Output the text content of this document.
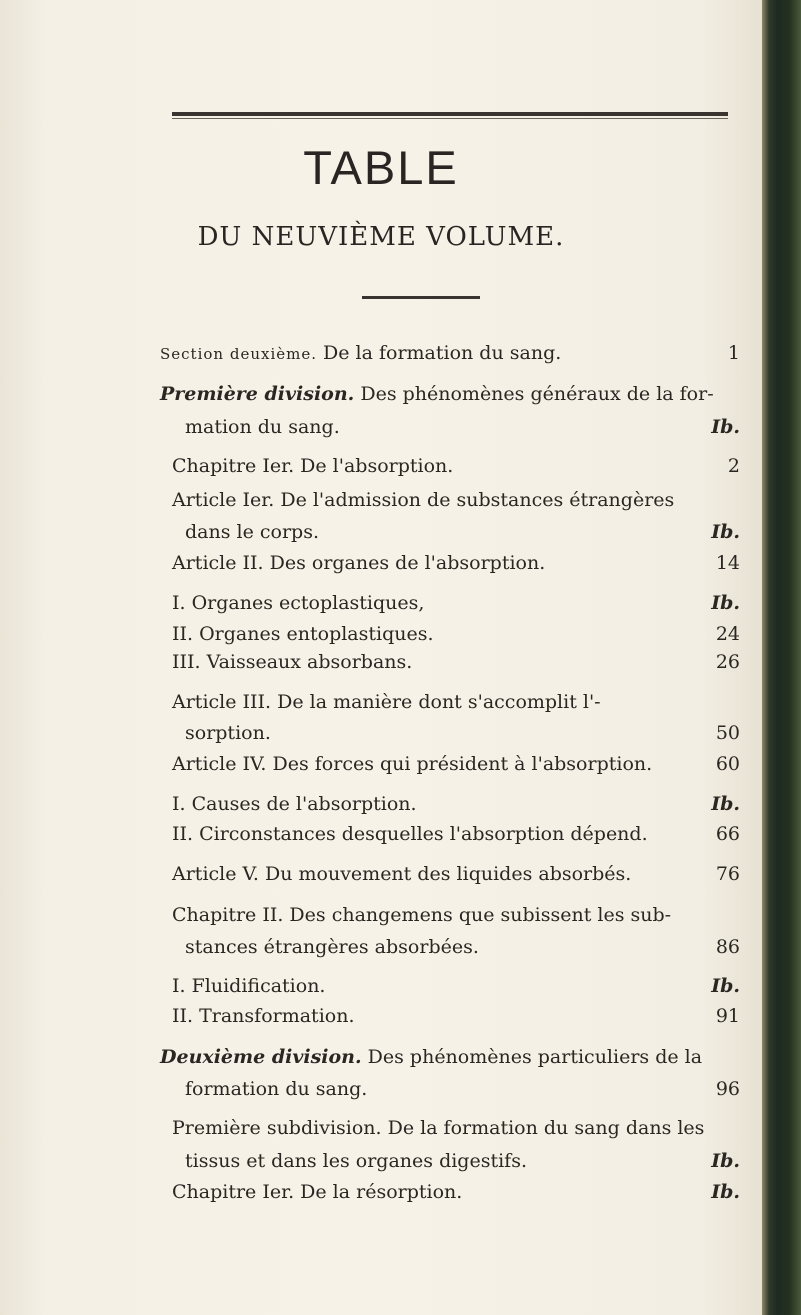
TABLE
DU NEUVIÈME VOLUME.
Section deuxième. De la formation du sang.	1
Première division. Des phénomènes généraux de la for-
mation du sang.	Ib.
Chapitre Ier. De l'absorption.	2
Article Ier. De l'admission de substances étrangères
dans le corps.	Ib.
Article II. Des organes de l'absorption.	14
I. Organes ectoplastiques,	Ib.
II. Organes entoplastiques.	24
III. Vaisseaux absorbans.	26
Article III. De la manière dont s'accomplit l'-
sorption.	50
Article IV. Des forces qui président à l'absorption.	60
I. Causes de l'absorption.	Ib.
II. Circonstances desquelles l'absorption dépend.	66
Article V. Du mouvement des liquides absorbés.	76
Chapitre II. Des changemens que subissent les sub-
stances étrangères absorbées.	86
I. Fluidification.	Ib.
II. Transformation.	91
Deuxième division. Des phénomènes particuliers de la
formation du sang.	96
Première subdivision. De la formation du sang dans les
tissus et dans les organes digestifs.	Ib.
Chapitre Ier. De la résorption.	Ib.
